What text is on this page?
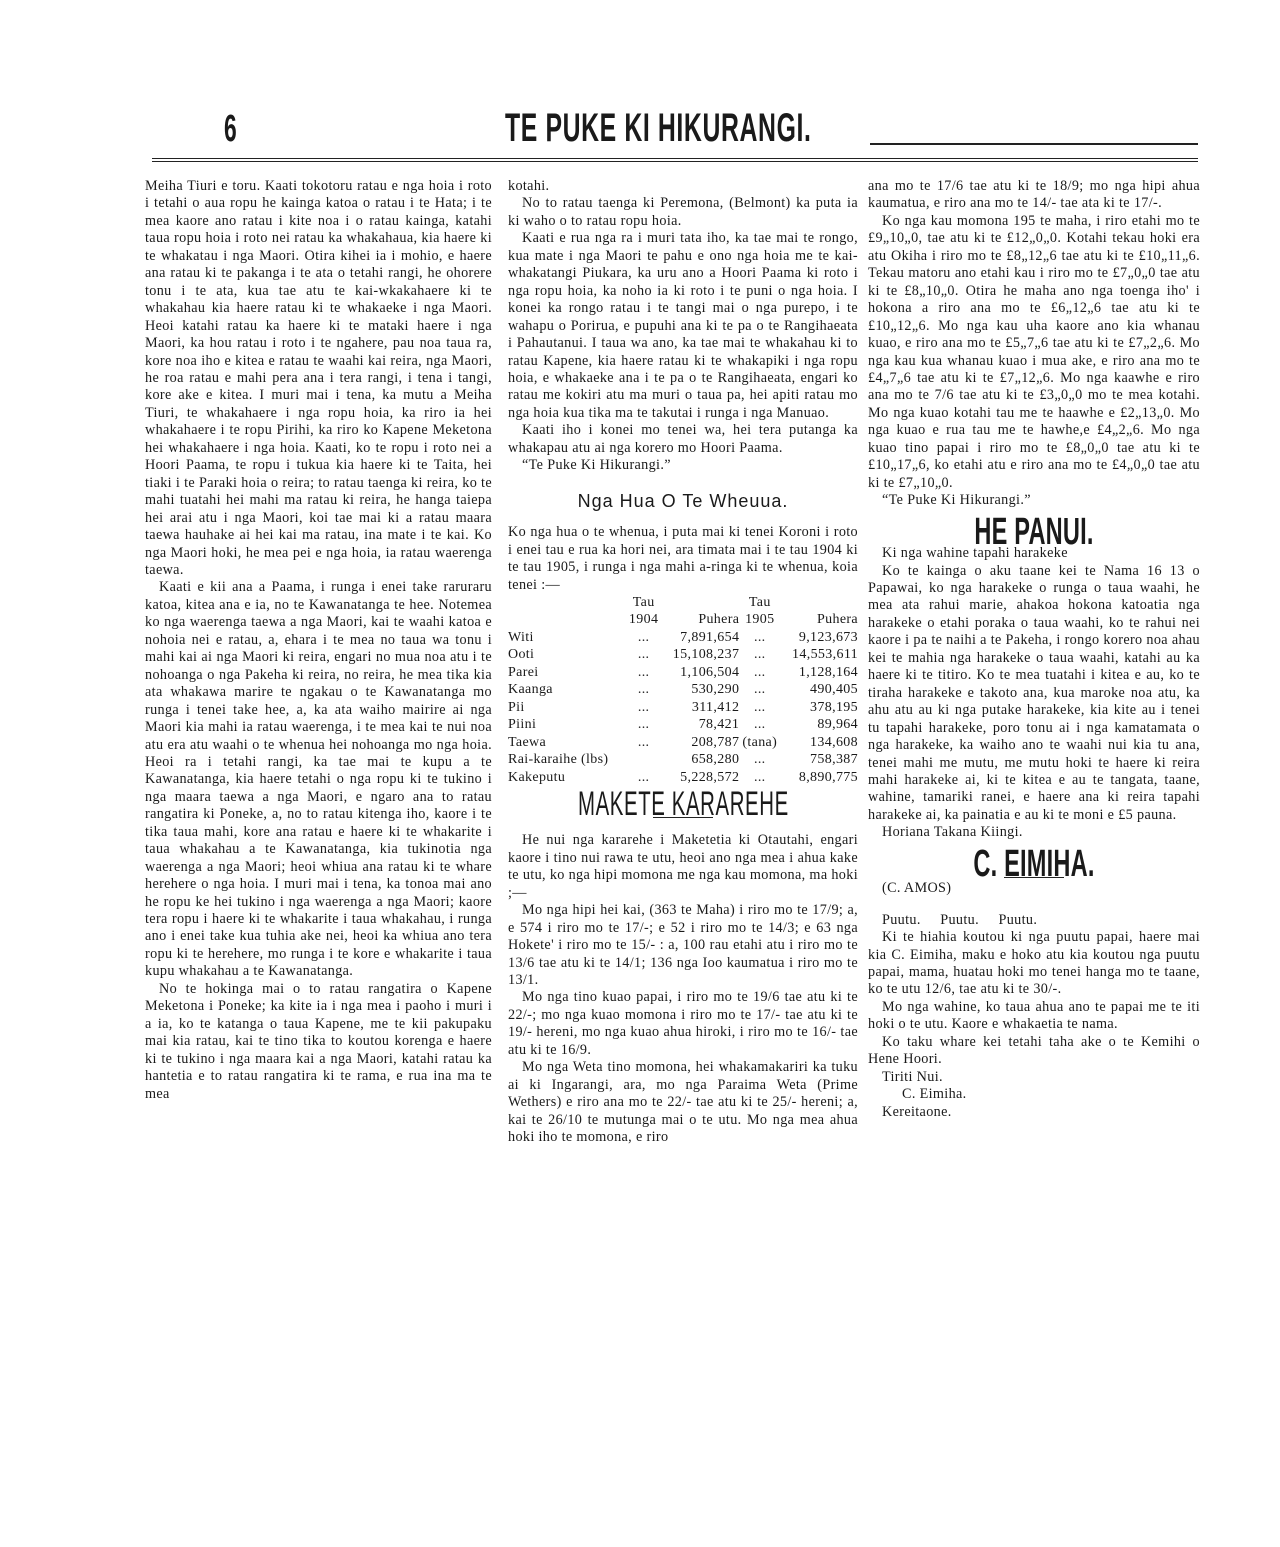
6	TE PUKE KI HIKURANGI.

Meiha Tiuri e toru. Kaati tokotoru ratau e nga hoia i roto i tetahi o aua ropu he kainga katoa o ratau i te Hata; i te mea kaore ano ratau i kite noa i o ratau kainga, katahi taua ropu hoia i roto nei ratau ka whakahaua, kia haere ki te whakatau i nga Maori. Otira kihei ia i mohio, e haere ana ratau ki te pakanga i te ata o tetahi rangi, he ohorere tonu i te ata, kua tae atu te kai-wkakahaere ki te whakahau kia haere ratau ki te whakaeke i nga Maori. Heoi katahi ratau ka haere ki te mataki haere i nga Maori, ka hou ratau i roto i te ngahere, pau noa taua ra, kore noa iho e kitea e ratau te waahi kai reira, nga Maori, he roa ratau e mahi pera ana i tera rangi, i tena i tangi, kore ake e kitea. I muri mai i tena, ka mutu a Meiha Tiuri, te whakahaere i nga ropu hoia, ka riro ia hei whakahaere i te ropu Pirihi, ka riro ko Kapene Meketona hei whakahaere i nga hoia. Kaati, ko te ropu i roto nei a Hoori Paama, te ropu i tukua kia haere ki te Taita, hei tiaki i te Paraki hoia o reira; to ratau taenga ki reira, ko te mahi tuatahi hei mahi ma ratau ki reira, he hanga taiepa hei arai atu i nga Maori, koi tae mai ki a ratau maara taewa hauhake ai hei kai ma ratau, ina mate i te kai. Ko nga Maori hoki, he mea pei e nga hoia, ia ratau waerenga taewa.

Kaati e kii ana a Paama, i runga i enei take raruraru katoa, kitea ana e ia, no te Kawanatanga te hee. Notemea ko nga waerenga taewa a nga Maori, kai te waahi katoa e nohoia nei e ratau, a, ehara i te mea no taua wa tonu i mahi kai ai nga Maori ki reira, engari no mua noa atu i te nohoanga o nga Pakeha ki reira, no reira, he mea tika kia ata whakawa marire te ngakau o te Kawanatanga mo runga i tenei take hee, a, ka ata waiho mairire ai nga Maori kia mahi ia ratau waerenga, i te mea kai te nui noa atu era atu waahi o te whenua hei nohoanga mo nga hoia. Heoi ra i tetahi rangi, ka tae mai te kupu a te Kawanatanga, kia haere tetahi o nga ropu ki te tukino i nga maara taewa a nga Maori, e ngaro ana to ratau rangatira ki Poneke, a, no to ratau kitenga iho, kaore i te tika taua mahi, kore ana ratau e haere ki te whakarite i taua whakahau a te Kawanatanga, kia tukinotia nga waerenga a nga Maori; heoi whiua ana ratau ki te whare herehere o nga hoia. I muri mai i tena, ka tonoa mai ano he ropu ke hei tukino i nga waerenga a nga Maori; kaore tera ropu i haere ki te whakarite i taua whakahau, i runga ano i enei take kua tuhia ake nei, heoi ka whiua ano tera ropu ki te herehere, mo runga i te kore e whakarite i taua kupu whakahau a te Kawanatanga.

No te hokinga mai o to ratau rangatira o Kapene Meketona i Poneke; ka kite ia i nga mea i paoho i muri i a ia, ko te katanga o taua Kapene, me te kii pakupaku mai kia ratau, kai te tino tika to koutou korenga e haere ki te tukino i nga maara kai a nga Maori, katahi ratau ka hantetia e to ratau rangatira ki te rama, e rua ina ma te mea

kotahi.

No to ratau taenga ki Peremona, (Belmont) ka puta ia ki waho o to ratau ropu hoia.

Kaati e rua nga ra i muri tata iho, ka tae mai te rongo, kua mate i nga Maori te pahu e ono nga hoia me te kai-whakatangi Piukara, ka uru ano a Hoori Paama ki roto i nga ropu hoia, ka noho ia ki roto i te puni o nga hoia. I konei ka rongo ratau i te tangi mai o nga purepo, i te wahapu o Porirua, e pupuhi ana ki te pa o te Rangihaeata i Pahautanui. I taua wa ano, ka tae mai te whakahau ki to ratau Kapene, kia haere ratau ki te whakapiki i nga ropu hoia, e whakaeke ana i te pa o te Rangihaeata, engari ko ratau me kokiri atu ma muri o taua pa, hei apiti ratau mo nga hoia kua tika ma te takutai i runga i nga Manuao.

Kaati iho i konei mo tenei wa, hei tera putanga ka whakapau atu ai nga korero mo Hoori Paama.

“Te Puke Ki Hikurangi.”

Nga Hua O Te Wheuua.

Ko nga hua o te whenua, i puta mai ki tenei Koroni i roto i enei tau e rua ka hori nei, ara timata mai i te tau 1904 ki te tau 1905, i runga i nga mahi a-ringa ki te whenua, koia tenei :—

	Tau		Tau	
	1904	Puhera	1905	Puhera
Witi	...	7,891,654	...	9,123,673
Ooti	...	15,108,237	...	14,553,611
Parei	...	1,106,504	...	1,128,164
Kaanga	...	530,290	...	490,405
Pii	...	311,412	...	378,195
Piini	...	78,421	...	89,964
Taewa	...	208,787	(tana)	134,608
Rai-karaihe (lbs)		658,280	...	758,387
Kakeputu	...	5,228,572	...	8,890,775
MAKETE KARAREHE

He nui nga kararehe i Maketetia ki Otautahi, engari kaore i tino nui rawa te utu, heoi ano nga mea i ahua kake te utu, ko nga hipi momona me nga kau momona, ma hoki ;—

Mo nga hipi hei kai, (363 te Maha) i riro mo te 17/9; a, e 574 i riro mo te 17/-; e 52 i riro mo te 14/3; e 63 nga Hokete' i riro mo te 15/- : a, 100 rau etahi atu i riro mo te 13/6 tae atu ki te 14/1; 136 nga Ioo kaumatua i riro mo te 13/1.

Mo nga tino kuao papai, i riro mo te 19/6 tae atu ki te 22/-; mo nga kuao momona i riro mo te 17/- tae atu ki te 19/- hereni, mo nga kuao ahua hiroki, i riro mo te 16/- tae atu ki te 16/9.

Mo nga Weta tino momona, hei whakamakariri ka tuku ai ki Ingarangi, ara, mo nga Paraima Weta (Prime Wethers) e riro ana mo te 22/- tae atu ki te 25/- hereni; a, kai te 26/10 te mutunga mai o te utu. Mo nga mea ahua hoki iho te momona, e riro

ana mo te 17/6 tae atu ki te 18/9; mo nga hipi ahua kaumatua, e riro ana mo te 14/- tae ata ki te 17/-.

Ko nga kau momona 195 te maha, i riro etahi mo te £9„10„0, tae atu ki te £12„0„0. Kotahi tekau hoki era atu Okiha i riro mo te £8„12„6 tae atu ki te £10„11„6. Tekau matoru ano etahi kau i riro mo te £7„0„0 tae atu ki te £8„10„0. Otira he maha ano nga toenga iho' i hokona a riro ana mo te £6„12„6 tae atu ki te £10„12„6. Mo nga kau uha kaore ano kia whanau kuao, e riro ana mo te £5„7„6 tae atu ki te £7„2„6. Mo nga kau kua whanau kuao i mua ake, e riro ana mo te £4„7„6 tae atu ki te £7„12„6. Mo nga kaawhe e riro ana mo te 7/6 tae atu ki te £3„0„0 mo te mea kotahi. Mo nga kuao kotahi tau me te haawhe e £2„13„0. Mo nga kuao e rua tau me te hawhe,e £4„2„6. Mo nga kuao tino papai i riro mo te £8„0„0 tae atu ki te £10„17„6, ko etahi atu e riro ana mo te £4„0„0 tae atu ki te £7„10„0.

“Te Puke Ki Hikurangi.”

HE PANUI.

Ki nga wahine tapahi harakeke

Ko te kainga o aku taane kei te Nama 16 13 o Papawai, ko nga harakeke o runga o taua waahi, he mea ata rahui marie, ahakoa hokona katoatia nga harakeke o etahi poraka o taua waahi, ko te rahui nei kaore i pa te naihi a te Pakeha, i rongo korero noa ahau kei te mahia nga harakeke o taua waahi, katahi au ka haere ki te titiro. Ko te mea tuatahi i kitea e au, ko te tiraha harakeke e takoto ana, kua maroke noa atu, ka ahu atu au ki nga putake harakeke, kia kite au i tenei tu tapahi harakeke, poro tonu ai i nga kamatamata o nga harakeke, ka waiho ano te waahi nui kia tu ana, tenei mahi me mutu, me mutu hoki te haere ki reira mahi harakeke ai, ki te kitea e au te tangata, taane, wahine, tamariki ranei, e haere ana ki reira tapahi harakeke ai, ka painatia e au ki te moni e £5 pauna.

Horiana Takana Kiingi.

C. EIMIHA.

(C. AMOS)

Puutu.     Puutu.     Puutu.

Ki te hiahia koutou ki nga puutu papai, haere mai kia C. Eimiha, maku e hoko atu kia koutou nga puutu papai, mama, huatau hoki mo tenei hanga mo te taane, ko te utu 12/6, tae atu ki te 30/-.

Mo nga wahine, ko taua ahua ano te papai me te iti hoki o te utu. Kaore e whakaetia te nama.

Ko taku whare kei tetahi taha ake o te Kemihi o Hene Hoori.

Tiriti Nui.

C. Eimiha.

Kereitaone.
